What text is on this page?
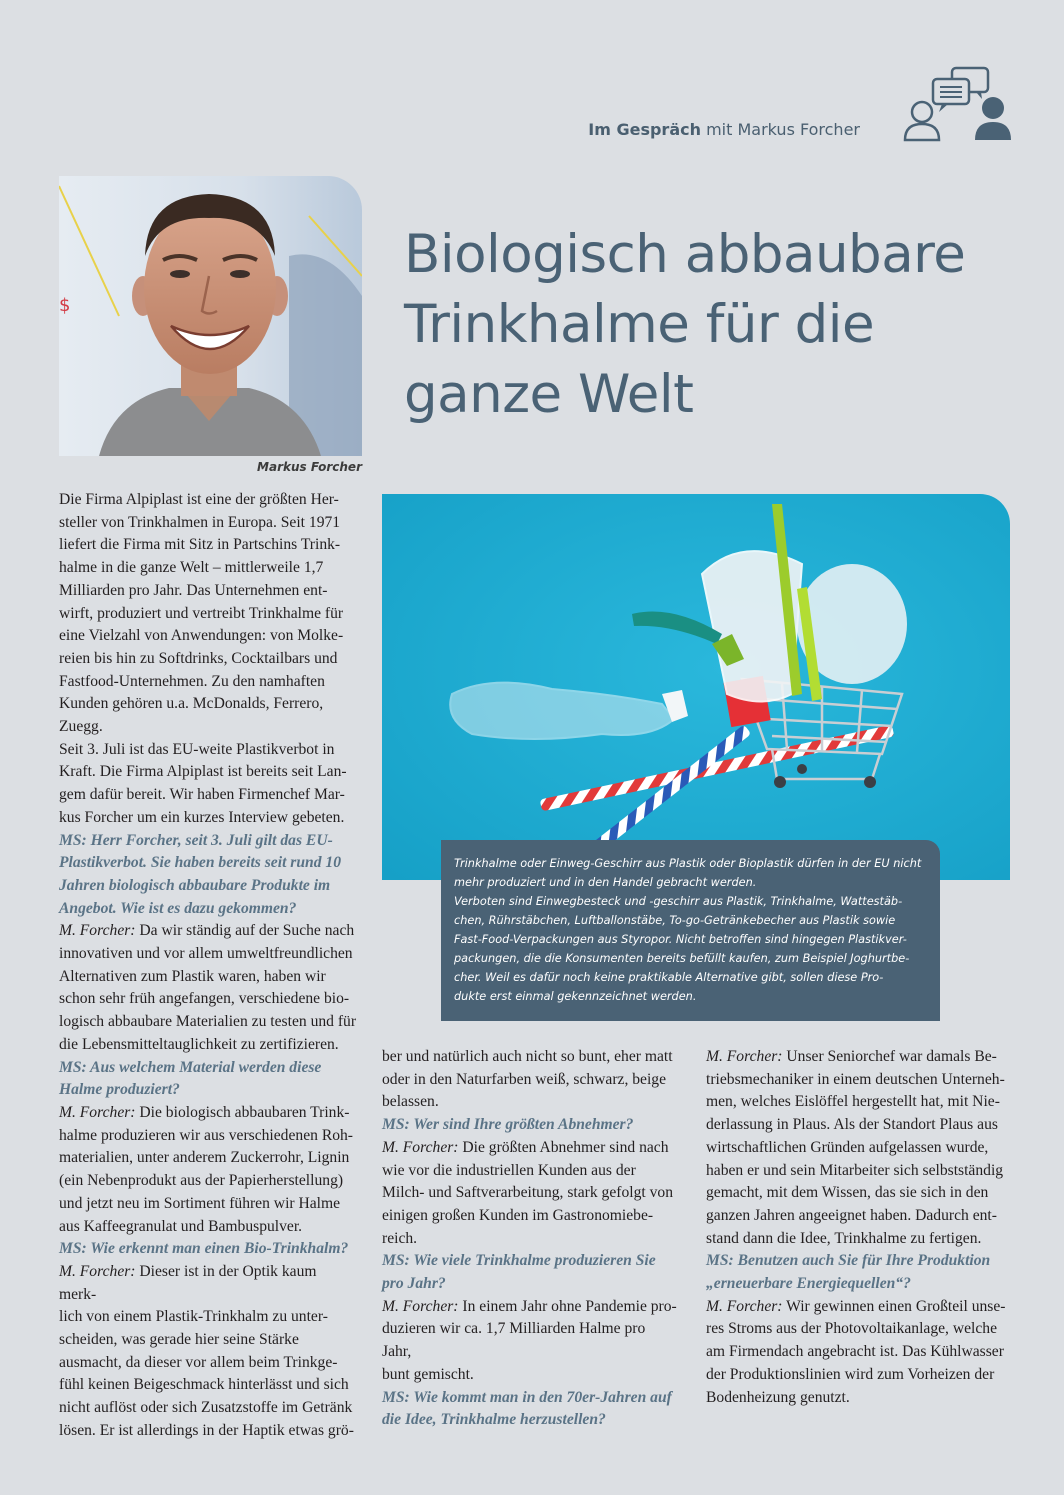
Im Gespräch mit Markus Forcher
$
Markus Forcher
Biologisch abbaubare
Trinkhalme für die
ganze Welt

Trinkhalme oder Einweg-Geschirr aus Plastik oder Bioplastik dürfen in der EU nicht

mehr produziert und in den Handel gebracht werden.

Verboten sind Einwegbesteck und -geschirr aus Plastik, Trinkhalme, Wattestäb-

chen, Rührstäbchen, Luftballonstäbe, To-go-Getränkebecher aus Plastik sowie

Fast-Food-Verpackungen aus Styropor. Nicht betroffen sind hingegen Plastikver-

packungen, die die Konsumenten bereits befüllt kaufen, zum Beispiel Joghurtbe-

cher. Weil es dafür noch keine praktikable Alternative gibt, sollen diese Pro-

dukte erst einmal gekennzeichnet werden.

Die Firma Alpiplast ist eine der größten Her-

steller von Trinkhalmen in Europa. Seit 1971

liefert die Firma mit Sitz in Partschins Trink-

halme in die ganze Welt – mittlerweile 1,7

Milliarden pro Jahr. Das Unternehmen ent-

wirft, produziert und vertreibt Trinkhalme für

eine Vielzahl von Anwendungen: von Molke-

reien bis hin zu Softdrinks, Cocktailbars und

Fastfood-Unternehmen. Zu den namhaften

Kunden gehören u.a. McDonalds, Ferrero,

Zuegg.

Seit 3. Juli ist das EU-weite Plastikverbot in

Kraft. Die Firma Alpiplast ist bereits seit Lan-

gem dafür bereit. Wir haben Firmenchef Mar-

kus Forcher um ein kurzes Interview gebeten.

MS: Herr Forcher, seit 3. Juli gilt das EU-

Plastikverbot. Sie haben bereits seit rund 10

Jahren biologisch abbaubare Produkte im

Angebot. Wie ist es dazu gekommen?

M. Forcher: Da wir ständig auf der Suche nach

innovativen und vor allem umweltfreundlichen

Alternativen zum Plastik waren, haben wir

schon sehr früh angefangen, verschiedene bio-

logisch abbaubare Materialien zu testen und für

die Lebensmitteltauglichkeit zu zertifizieren.

MS: Aus welchem Material werden diese

Halme produziert?

M. Forcher: Die biologisch abbaubaren Trink-

halme produzieren wir aus verschiedenen Roh-

materialien, unter anderem Zuckerrohr, Lignin

(ein Nebenprodukt aus der Papierherstellung)

und jetzt neu im Sortiment führen wir Halme

aus Kaffeegranulat und Bambuspulver.

MS: Wie erkennt man einen Bio-Trinkhalm?

M. Forcher: Dieser ist in der Optik kaum merk-

lich von einem Plastik-Trinkhalm zu unter-

scheiden, was gerade hier seine Stärke

ausmacht, da dieser vor allem beim Trinkge-

fühl keinen Beigeschmack hinterlässt und sich

nicht auflöst oder sich Zusatzstoffe im Getränk

lösen. Er ist allerdings in der Haptik etwas grö-

ber und natürlich auch nicht so bunt, eher matt

oder in den Naturfarben weiß, schwarz, beige

belassen.

MS: Wer sind Ihre größten Abnehmer?

M. Forcher: Die größten Abnehmer sind nach

wie vor die industriellen Kunden aus der

Milch- und Saftverarbeitung, stark gefolgt von

einigen großen Kunden im Gastronomiebe-

reich.

MS: Wie viele Trinkhalme produzieren Sie

pro Jahr?

M. Forcher: In einem Jahr ohne Pandemie pro-

duzieren wir ca. 1,7 Milliarden Halme pro Jahr,

bunt gemischt.

MS: Wie kommt man in den 70er-Jahren auf

die Idee, Trinkhalme herzustellen?

M. Forcher: Unser Seniorchef war damals Be-

triebsmechaniker in einem deutschen Unterneh-

men, welches Eislöffel hergestellt hat, mit Nie-

derlassung in Plaus. Als der Standort Plaus aus

wirtschaftlichen Gründen aufgelassen wurde,

haben er und sein Mitarbeiter sich selbstständig

gemacht, mit dem Wissen, das sie sich in den

ganzen Jahren angeeignet haben. Dadurch ent-

stand dann die Idee, Trinkhalme zu fertigen.

MS: Benutzen auch Sie für Ihre Produktion

„erneuerbare Energiequellen“?

M. Forcher: Wir gewinnen einen Großteil unse-

res Stroms aus der Photovoltaikanlage, welche

am Firmendach angebracht ist. Das Kühlwasser

der Produktionslinien wird zum Vorheizen der

Bodenheizung genutzt.
